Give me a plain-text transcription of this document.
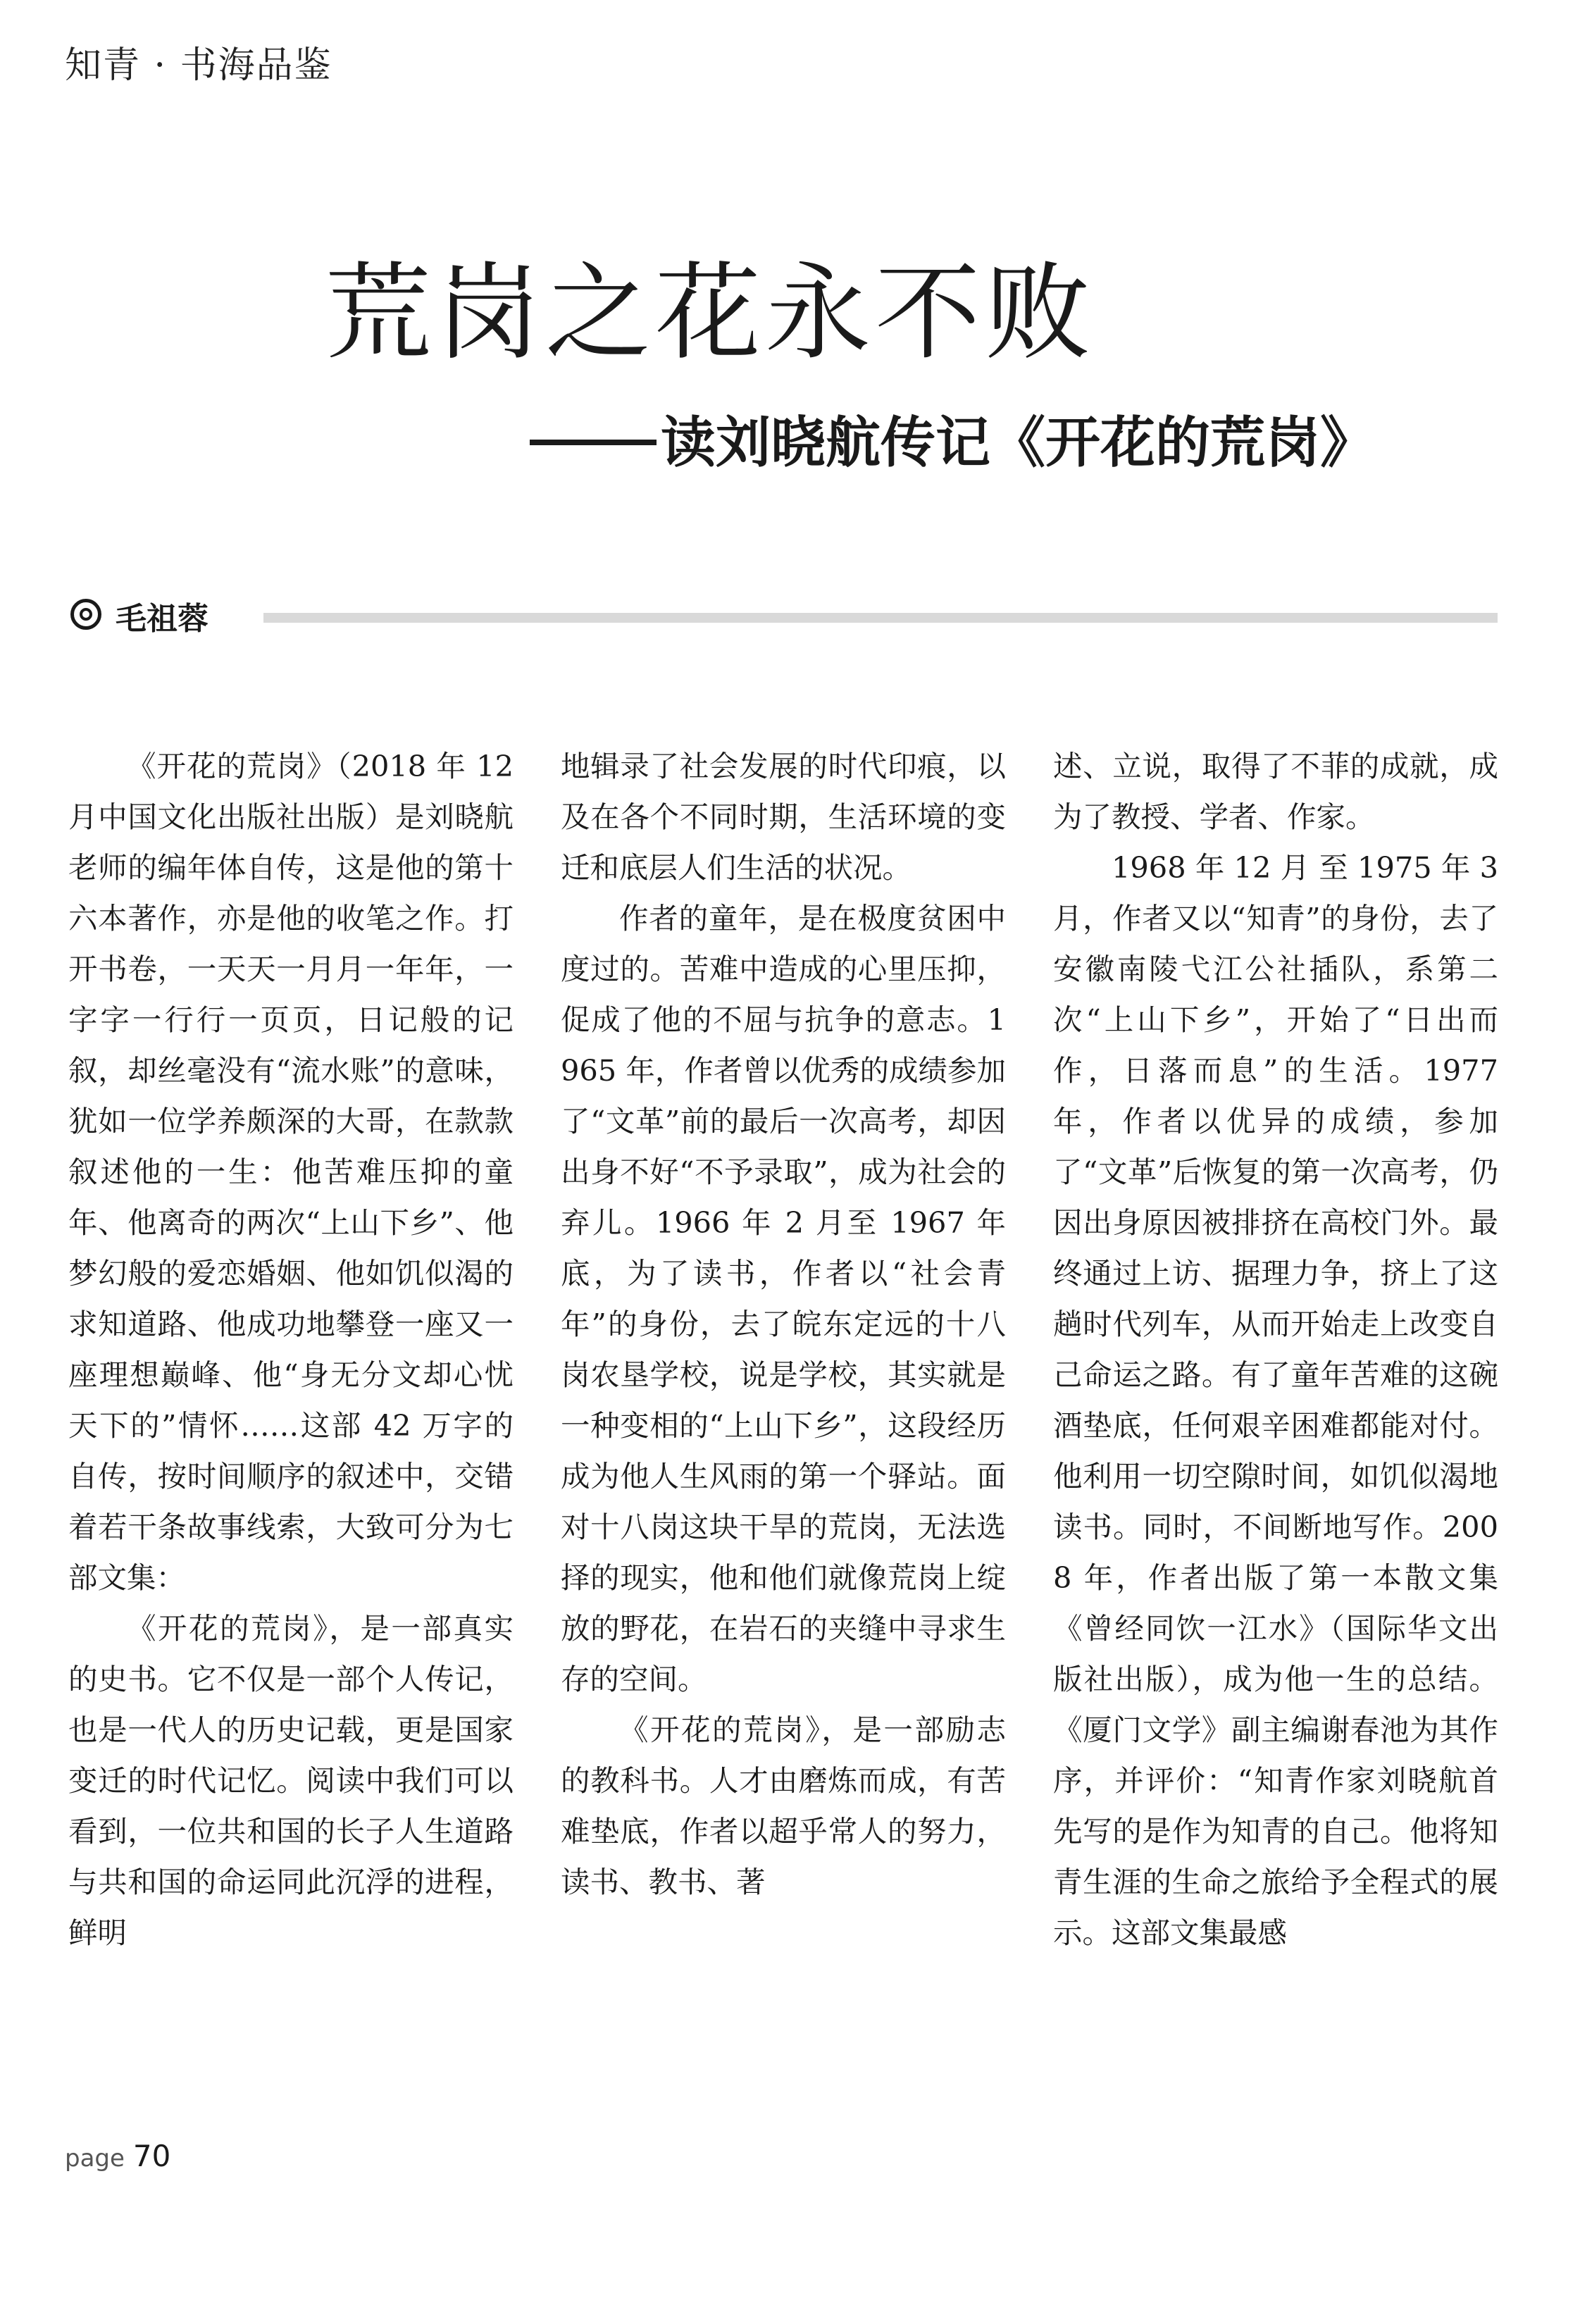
知青 · 书海品鉴
荒岗之花永不败
读刘晓航传记《开花的荒岗》
毛祖蓉

《开花的荒岗》（2018 年 12 月中国文化出版社出版）是刘晓航老师的编年体自传，这是他的第十六本著作，亦是他的收笔之作。打开书卷，一天天一月月一年年，一字字一行行一页页，日记般的记叙，却丝毫没有“流水账”的意味，犹如一位学养颇深的大哥，在款款叙述他的一生：他苦难压抑的童年、他离奇的两次“上山下乡”、他梦幻般的爱恋婚姻、他如饥似渴的求知道路、他成功地攀登一座又一座理想巅峰、他“身无分文却心忧天下的”情怀……这部 42 万字的自传，按时间顺序的叙述中，交错着若干条故事线索，大致可分为七部文集：

《开花的荒岗》，是一部真实的史书。它不仅是一部个人传记，也是一代人的历史记载，更是国家变迁的时代记忆。阅读中我们可以看到，一位共和国的长子人生道路与共和国的命运同此沉浮的进程，鲜明

地辑录了社会发展的时代印痕，以及在各个不同时期，生活环境的变迁和底层人们生活的状况。

作者的童年，是在极度贫困中度过的。苦难中造成的心里压抑，促成了他的不屈与抗争的意志。1965 年，作者曾以优秀的成绩参加了“文革”前的最后一次高考，却因出身不好“不予录取”，成为社会的弃儿。1966 年 2 月至 1967 年底，为了读书，作者以“社会青年”的身份，去了皖东定远的十八岗农垦学校，说是学校，其实就是一种变相的“上山下乡”，这段经历成为他人生风雨的第一个驿站。面对十八岗这块干旱的荒岗，无法选择的现实，他和他们就像荒岗上绽放的野花，在岩石的夹缝中寻求生存的空间。

《开花的荒岗》，是一部励志的教科书。人才由磨炼而成，有苦难垫底，作者以超乎常人的努力，读书、教书、著

述、立说，取得了不菲的成就，成为了教授、学者、作家。

1968 年 12 月 至 1975 年 3 月，作者又以“知青”的身份，去了安徽南陵弋江公社插队，系第二次“上山下乡”，开始了“日出而作，日落而息”的生活。1977 年，作者以优异的成绩，参加了“文革”后恢复的第一次高考，仍因出身原因被排挤在高校门外。最终通过上访、据理力争，挤上了这趟时代列车，从而开始走上改变自己命运之路。有了童年苦难的这碗酒垫底，任何艰辛困难都能对付。他利用一切空隙时间，如饥似渴地读书。同时，不间断地写作。2008 年，作者出版了第一本散文集《曾经同饮一江水》（国际华文出版社出版），成为他一生的总结。《厦门文学》副主编谢春池为其作序，并评价：“知青作家刘晓航首先写的是作为知青的自己。他将知青生涯的生命之旅给予全程式的展示。这部文集最感

page 70
